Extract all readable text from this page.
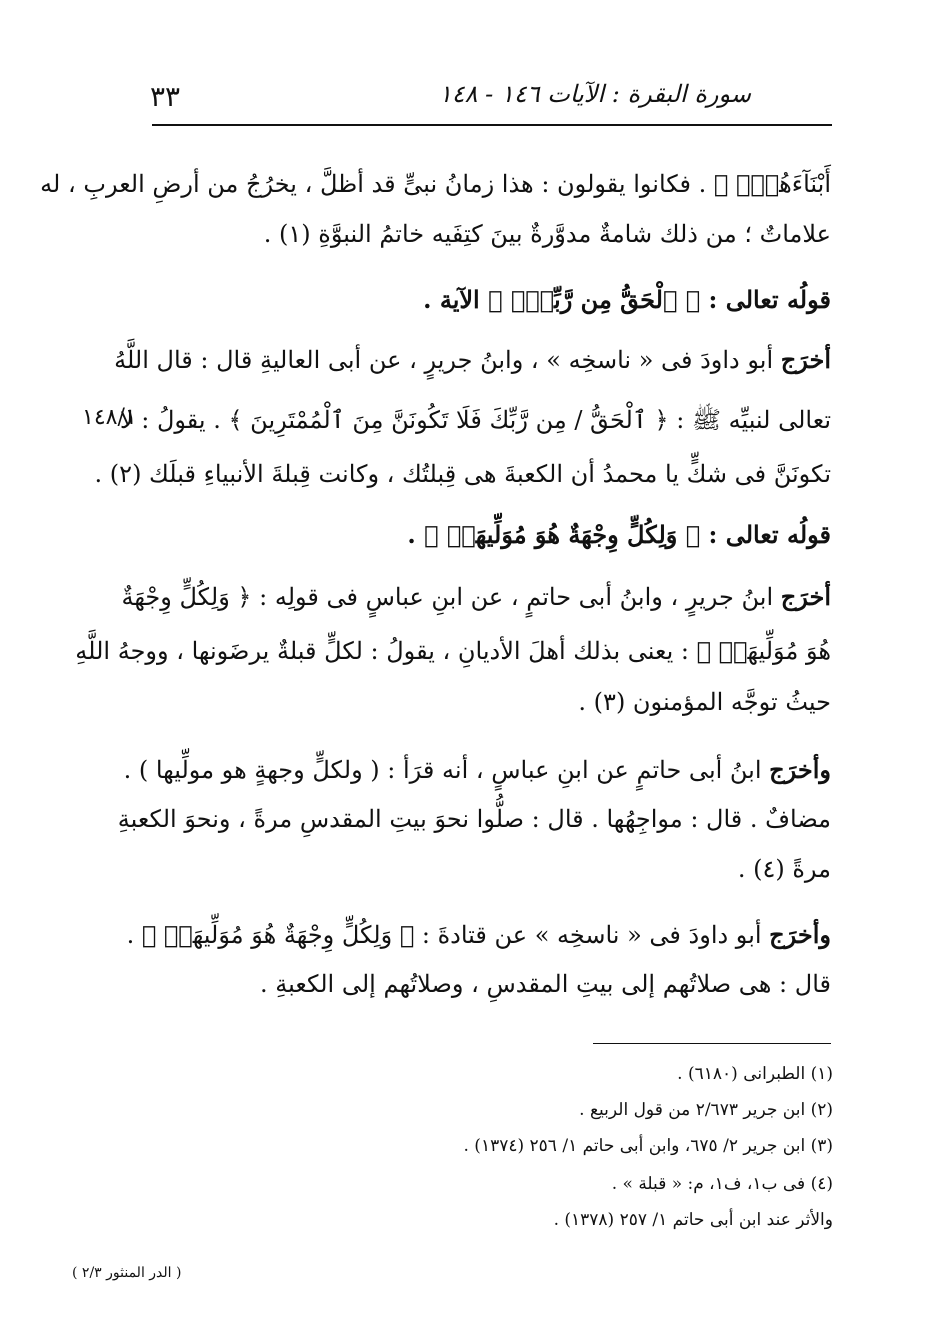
٣٣	سورة البقرة : الآيات ١٤٦ - ١٤٨
أَبْنَآءَهُمْۖ ﴾ . فكانوا يقولون : هذا زمانُ نبىٍّ قد أظلَّ ، يخرُجُ من أرضِ العربِ ، له
علاماتٌ ؛ من ذلك شامةٌ مدوَّرةٌ بينَ كتِفَيه خاتمُ النبوَّةِ (١) .
قولُه تعالى : ﴿ ٱلْحَقُّ مِن رَّبِّكَۖ ﴾ الآية .
أخرَج أبو داودَ فى « ناسخِه » ، وابنُ جريرٍ ، عن أبى العاليةِ قال : قال اللَّهُ
تعالى لنبيِّه ﷺ : ﴿ ٱلْحَقُّ / مِن رَّبِّكَ فَلَا تَكُونَنَّ مِنَ ٱلْمُمْتَرِينَ ﴾ . يقولُ : لا
١٤٨/١
تكونَنَّ فى شكٍّ يا محمدُ أن الكعبةَ هى قِبلتُك ، وكانت قِبلةَ الأنبياءِ قبلَك (٢) .
قولُه تعالى : ﴿ وَلِكُلٍّ وِجْهَةٌ هُوَ مُوَلِّيهَاۖ ﴾ .
أخرَج ابنُ جريرٍ ، وابنُ أبى حاتمٍ ، عن ابنِ عباسٍ فى قولِه : ﴿ وَلِكُلٍّ وِجْهَةٌ
هُوَ مُوَلِّيهَاۖ ﴾ : يعنى بذلك أهلَ الأديانِ ، يقولُ : لكلٍّ قبلةٌ يرضَونها ، ووجهُ اللَّهِ
حيثُ توجَّه المؤمنون (٣) .
وأخرَج ابنُ أبى حاتمٍ عن ابنِ عباسٍ ، أنه قرَأ : ( ولكلٍّ وجهةٍ هو مولِّيها ) .
مضافٌ . قال : مواجِهُها . قال : صلُّوا نحوَ بيتِ المقدسِ مرةً ، ونحوَ الكعبةِ
مرةً (٤) .
وأخرَج أبو داودَ فى « ناسخِه » عن قتادةَ : ﴿ وَلِكُلٍّ وِجْهَةٌ هُوَ مُوَلِّيهَاۖ ﴾ .
قال : هى صلاتُهم إلى بيتِ المقدسِ ، وصلاتُهم إلى الكعبةِ .
(١) الطبرانى (٦١٨٠) .
(٢) ابن جرير ٢/٦٧٣ من قول الربيع .
(٣) ابن جرير ٢/ ٦٧٥، وابن أبى حاتم ١/ ٢٥٦ (١٣٧٤) .
(٤) فى ب١، ف١، م: « قبلة » .
والأثر عند ابن أبى حاتم ١/ ٢٥٧ (١٣٧٨) .
( الدر المنثور ٢/٣ )
